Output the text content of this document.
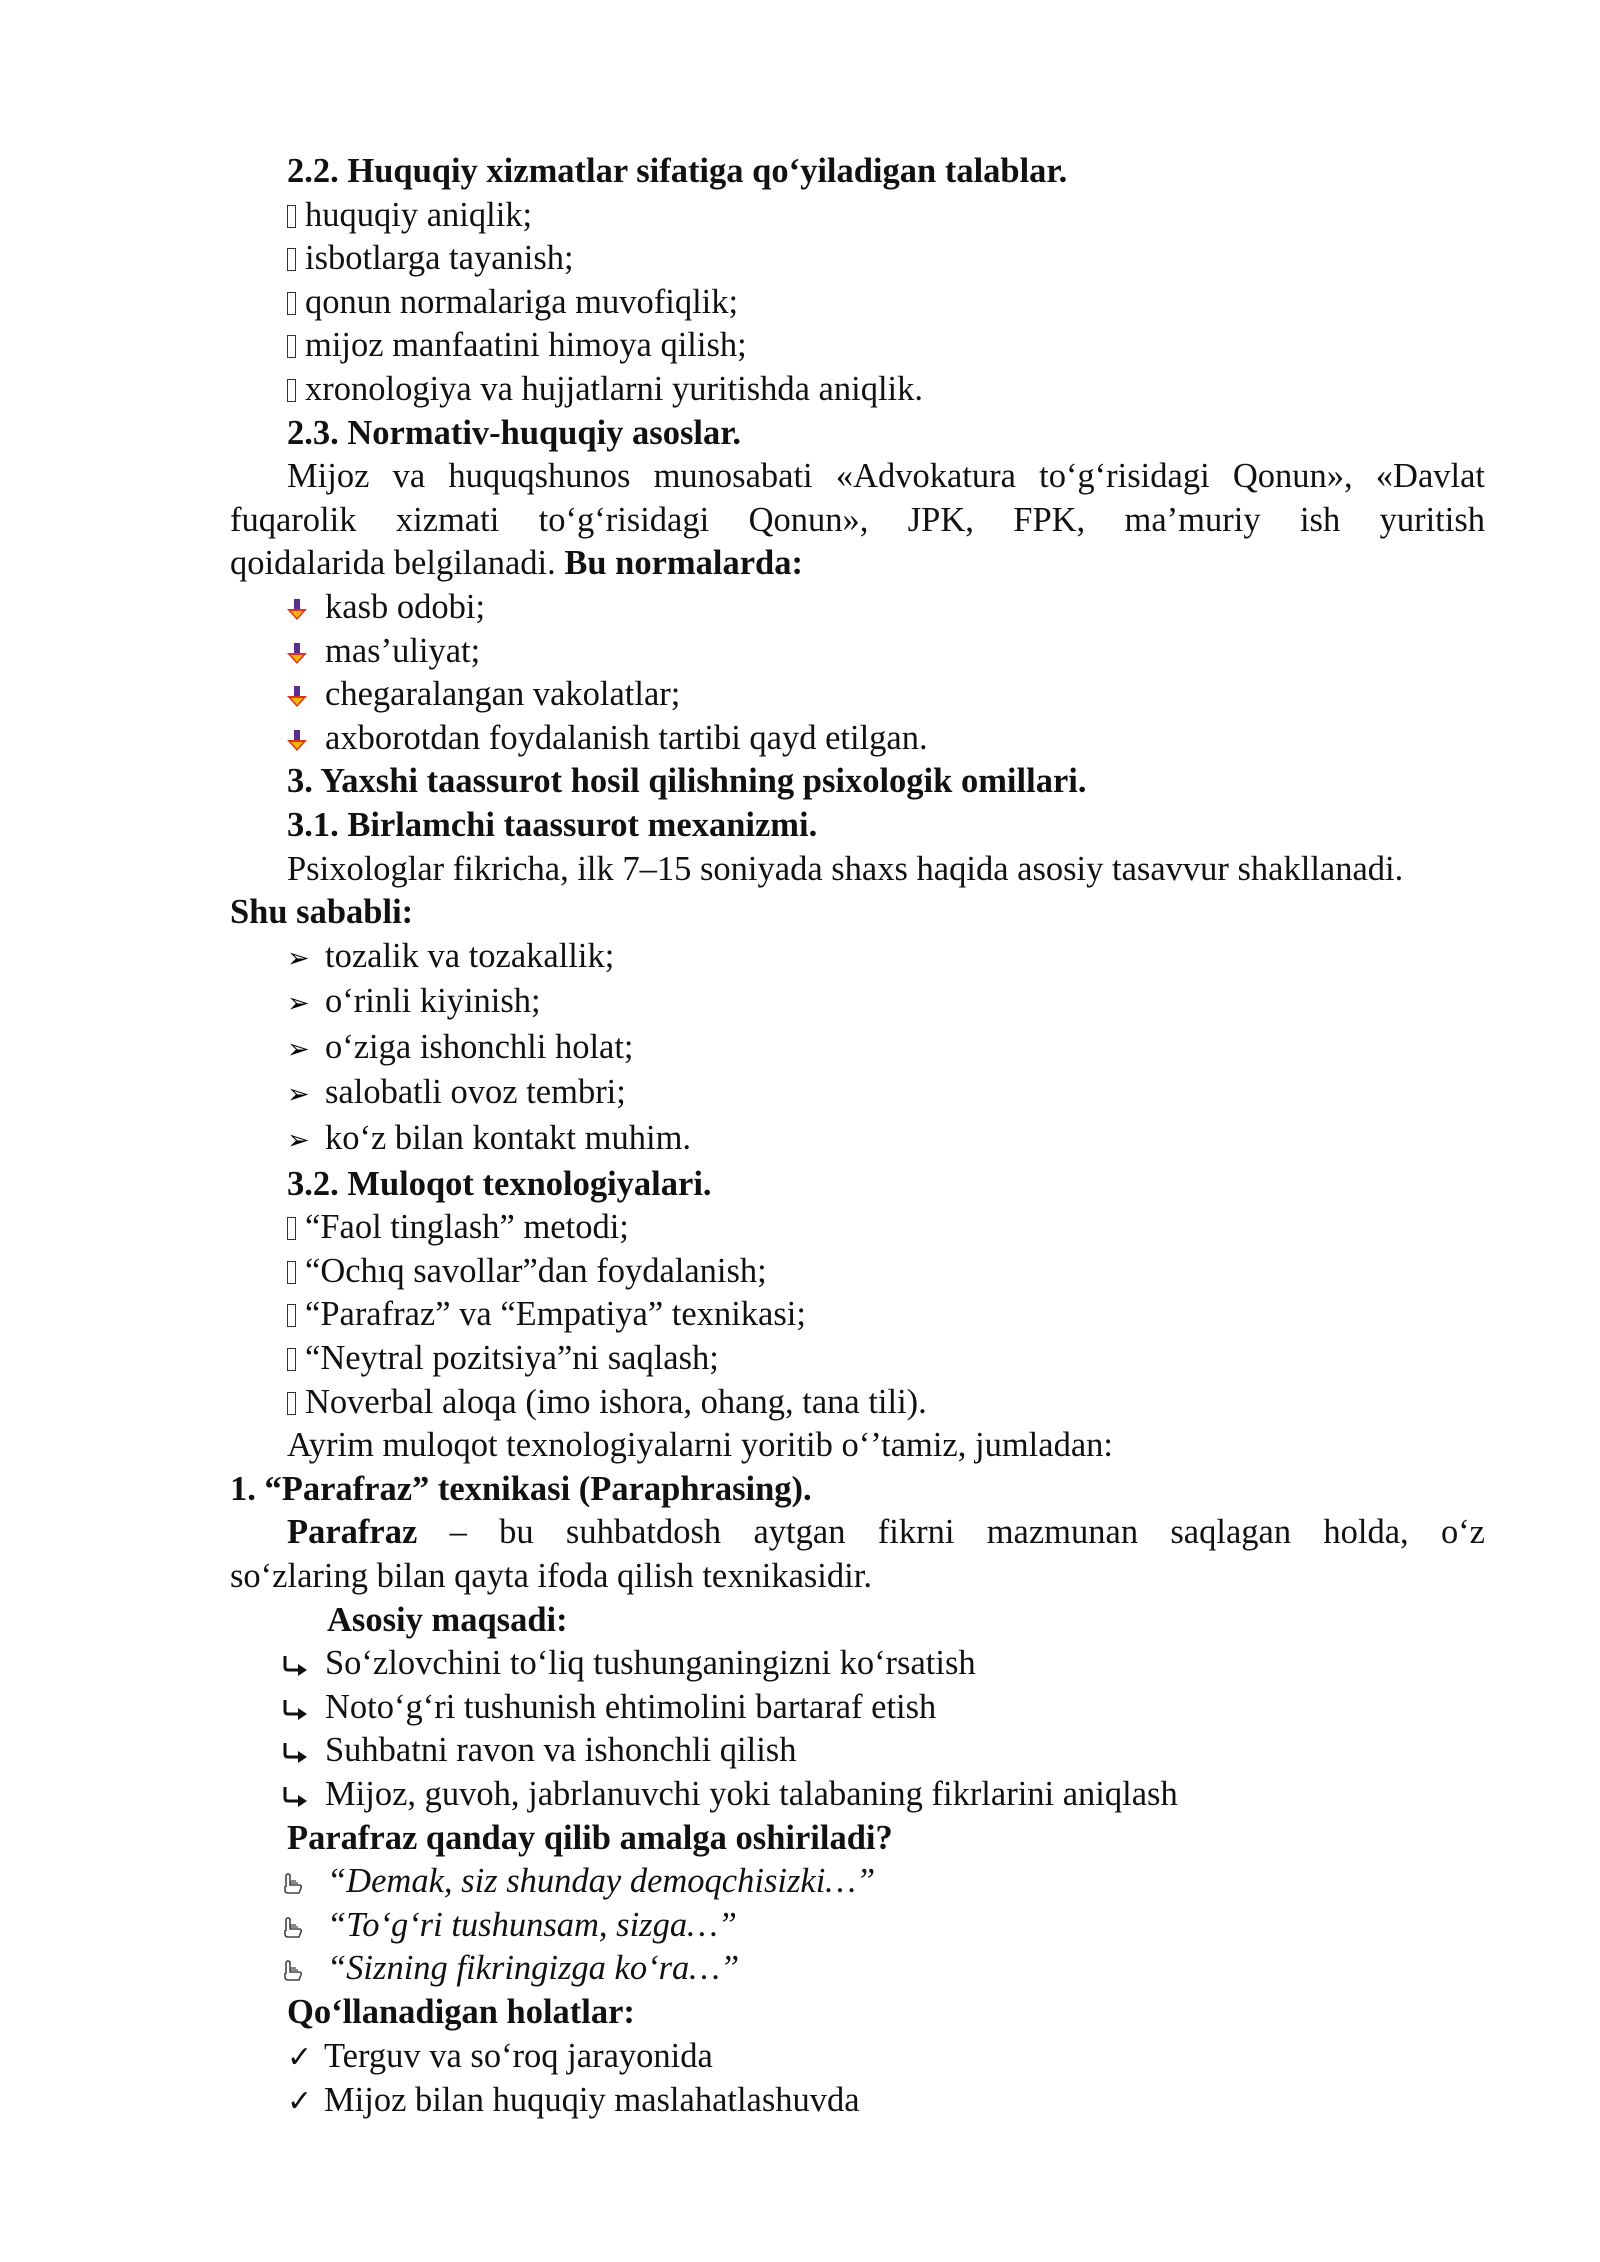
2.2. Huquqiy xizmatlar sifatiga qo‘yiladigan talablar.

huquqiy aniqlik;
isbotlarga tayanish;
qonun normalariga muvofiqlik;
mijoz manfaatini himoya qilish;
xronologiya va hujjatlarni yuritishda aniqlik.

2.3. Normativ-huquqiy asoslar.

Mijoz va huquqshunos munosabati «Advokatura to‘g‘risidagi Qonun», «Davlat

fuqarolik xizmati to‘g‘risidagi Qonun», JPK, FPK, ma’muriy ish yuritish

qoidalarida belgilanadi. Bu normalarda:

kasb odobi;
mas’uliyat;
chegaralangan vakolatlar;
axborotdan foydalanish tartibi qayd etilgan.

3. Yaxshi taassurot hosil qilishning psixologik omillari.

3.1. Birlamchi taassurot mexanizmi.

Psixologlar fikricha, ilk 7–15 soniyada shaxs haqida asosiy tasavvur shakllanadi.

Shu sababli:

➢ tozalik va tozakallik;
➢ o‘rinli kiyinish;
➢ o‘ziga ishonchli holat;
➢ salobatli ovoz tembri;
➢ ko‘z bilan kontakt muhim.

3.2. Muloqot texnologiyalari.

“Faol tinglash” metodi;
“Ochıq savollar”dan foydalanish;
“Parafraz” va “Empatiya” texnikasi;
“Neytral pozitsiya”ni saqlash;
Noverbal aloqa (imo ishora, ohang, tana tili).

Ayrim muloqot texnologiyalarni yoritib o‘’tamiz, jumladan:

1. “Parafraz” texnikasi (Paraphrasing).

Parafraz – bu suhbatdosh aytgan fikrni mazmunan saqlagan holda, o‘z

so‘zlaring bilan qayta ifoda qilish texnikasidir.

Asosiy maqsadi:

So‘zlovchini to‘liq tushunganingizni ko‘rsatish
Noto‘g‘ri tushunish ehtimolini bartaraf etish
Suhbatni ravon va ishonchli qilish
Mijoz, guvoh, jabrlanuvchi yoki talabaning fikrlarini aniqlash

Parafraz qanday qilib amalga oshiriladi?

“Demak, siz shunday demoqchisizki…”
“To‘g‘ri tushunsam, sizga…”
“Sizning fikringizga ko‘ra…”

Qo‘llanadigan holatlar:

✓ Terguv va so‘roq jarayonida
✓ Mijoz bilan huquqiy maslahatlashuvda
